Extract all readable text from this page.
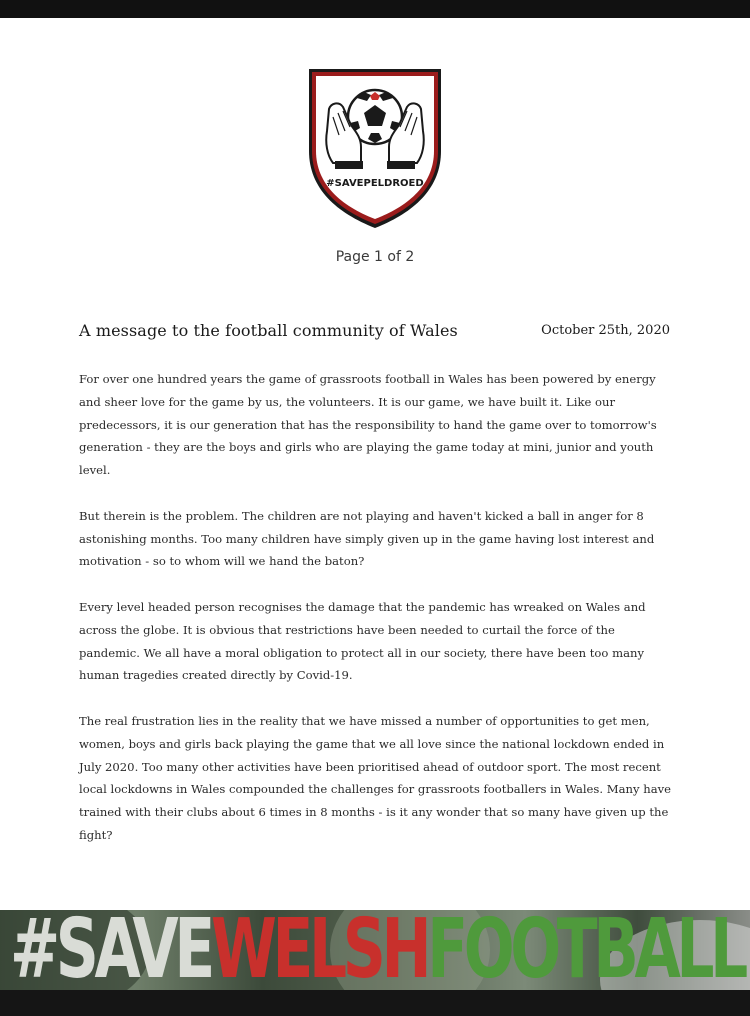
#SAVEPELDROED
Page 1 of 2
A message to the football community of Wales	October 25th, 2020

For over one hundred years the game of grassroots football in Wales has been powered by energy and sheer love for the game by us, the volunteers. It is our game, we have built it. Like our predecessors, it is our generation that has the responsibility to hand the game over to tomorrow's generation - they are the boys and girls who are playing the game today at mini, junior and youth level.

But therein is the problem. The children are not playing and haven't kicked a ball in anger for 8 astonishing months. Too many children have simply given up in the game having lost interest and motivation - so to whom will we hand the baton?

Every level headed person recognises the damage that the pandemic has wreaked on Wales and across the globe. It is obvious that restrictions have been needed to curtail the force of the pandemic. We all have a moral obligation to protect all in our society, there have been too many human tragedies created directly by Covid-19.

The real frustration lies in the reality that we have missed a number of opportunities to get men, women, boys and girls back playing the game that we all love since the national lockdown ended in July 2020. Too many other activities have been prioritised ahead of outdoor sport. The most recent local lockdowns in Wales compounded the challenges for grassroots footballers in Wales. Many have trained with their clubs about 6 times in 8 months - is it any wonder that so many have given up the fight?

#SAVEWELSHFOOTBALL
